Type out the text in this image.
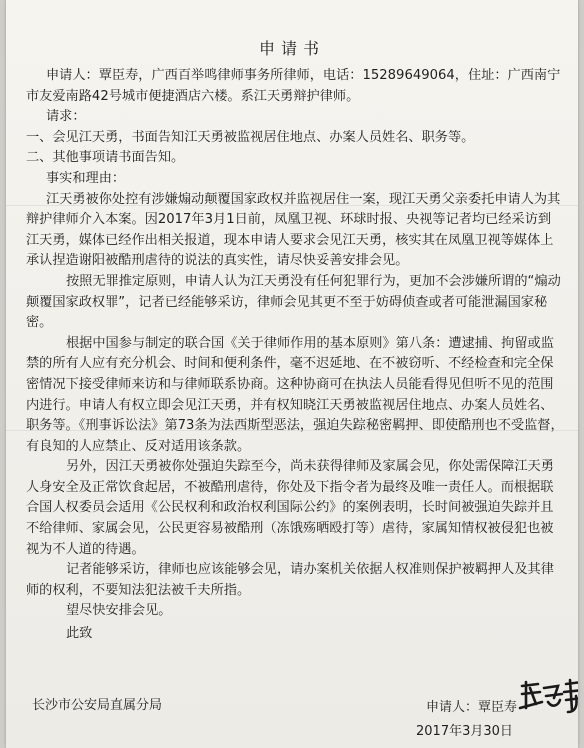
申请书

申请人：覃臣寿，广西百举鸣律师事务所律师，电话：15289649064，住址：广西南宁市友爱南路42号城市便捷酒店六楼。系江天勇辩护律师。

请求：

一、会见江天勇，书面告知江天勇被监视居住地点、办案人员姓名、职务等。

二、其他事项请书面告知。

事实和理由：

江天勇被你处控有涉嫌煽动颠覆国家政权并监视居住一案，现江天勇父亲委托申请人为其辩护律师介入本案。因2017年3月1日前，凤凰卫视、环球时报、央视等记者均已经采访到江天勇，媒体已经作出相关报道，现本申请人要求会见江天勇，核实其在凤凰卫视等媒体上承认捏造谢阳被酷刑虐待的说法的真实性，请尽快妥善安排会见。

按照无罪推定原则，申请人认为江天勇没有任何犯罪行为，更加不会涉嫌所谓的“煽动颠覆国家政权罪”，记者已经能够采访，律师会见其更不至于妨碍侦查或者可能泄漏国家秘密。

根据中国参与制定的联合国《关于律师作用的基本原则》第八条：遭逮捕、拘留或监禁的所有人应有充分机会、时间和便利条件，毫不迟延地、在不被窃听、不经检查和完全保密情况下接受律师来访和与律师联系协商。这种协商可在执法人员能看得见但听不见的范围内进行。申请人有权立即会见江天勇，并有权知晓江天勇被监视居住地点、办案人员姓名、职务等。《刑事诉讼法》第73条为法西斯型恶法，强迫失踪秘密羁押、即使酷刑也不受监督，有良知的人应禁止、反对适用该条款。

另外，因江天勇被你处强迫失踪至今，尚未获得律师及家属会见，你处需保障江天勇人身安全及正常饮食起居，不被酷刑虐待，你处及下指令者为最终及唯一责任人。而根据联合国人权委员会适用《公民权利和政治权利国际公约》的案例表明，长时间被强迫失踪并且不给律师、家属会见，公民更容易被酷刑（冻饿殇晒殴打等）虐待，家属知情权被侵犯也被视为不人道的待遇。

记者能够采访，律师也应该能够会见，请办案机关依据人权准则保护被羁押人及其律师的权利，不要知法犯法被千夫所指。

望尽快安排会见。

此致

长沙市公安局直属分局	申请人：覃臣寿
2017年3月30日
